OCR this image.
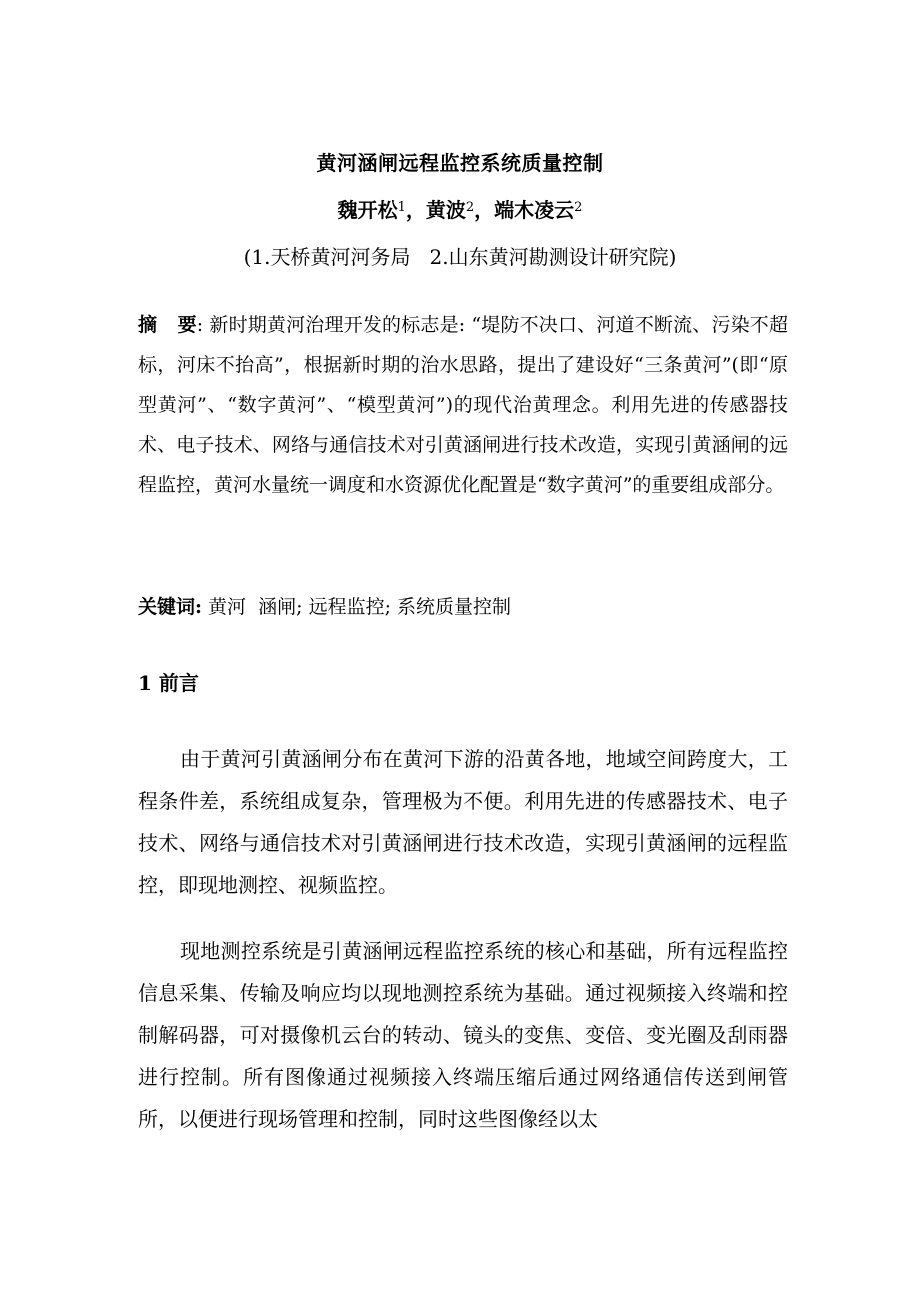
黄河涵闸远程监控系统质量控制
魏开松$^1$，黄波$^2$，端木凌云$^2$
(1.天桥黄河河务局   2.山东黄河勘测设计研究院)

摘   要: 新时期黄河治理开发的标志是: “堤防不决口、河道不断流、污染不超标，河床不抬高”，根据新时期的治水思路，提出了建设好“三条黄河”(即“原型黄河”、“数字黄河”、“模型黄河”)的现代治黄理念。利用先进的传感器技术、电子技术、网络与通信技术对引黄涵闸进行技术改造，实现引黄涵闸的远程监控，黄河水量统一调度和水资源优化配置是“数字黄河”的重要组成部分。

关键词: 黄河  涵闸; 远程监控; 系统质量控制

1 前言

由于黄河引黄涵闸分布在黄河下游的沿黄各地，地域空间跨度大，工程条件差，系统组成复杂，管理极为不便。利用先进的传感器技术、电子技术、网络与通信技术对引黄涵闸进行技术改造，实现引黄涵闸的远程监控，即现地测控、视频监控。

现地测控系统是引黄涵闸远程监控系统的核心和基础，所有远程监控信息采集、传输及响应均以现地测控系统为基础。通过视频接入终端和控制解码器，可对摄像机云台的转动、镜头的变焦、变倍、变光圈及刮雨器进行控制。所有图像通过视频接入终端压缩后通过网络通信传送到闸管所，以便进行现场管理和控制，同时这些图像经以太
